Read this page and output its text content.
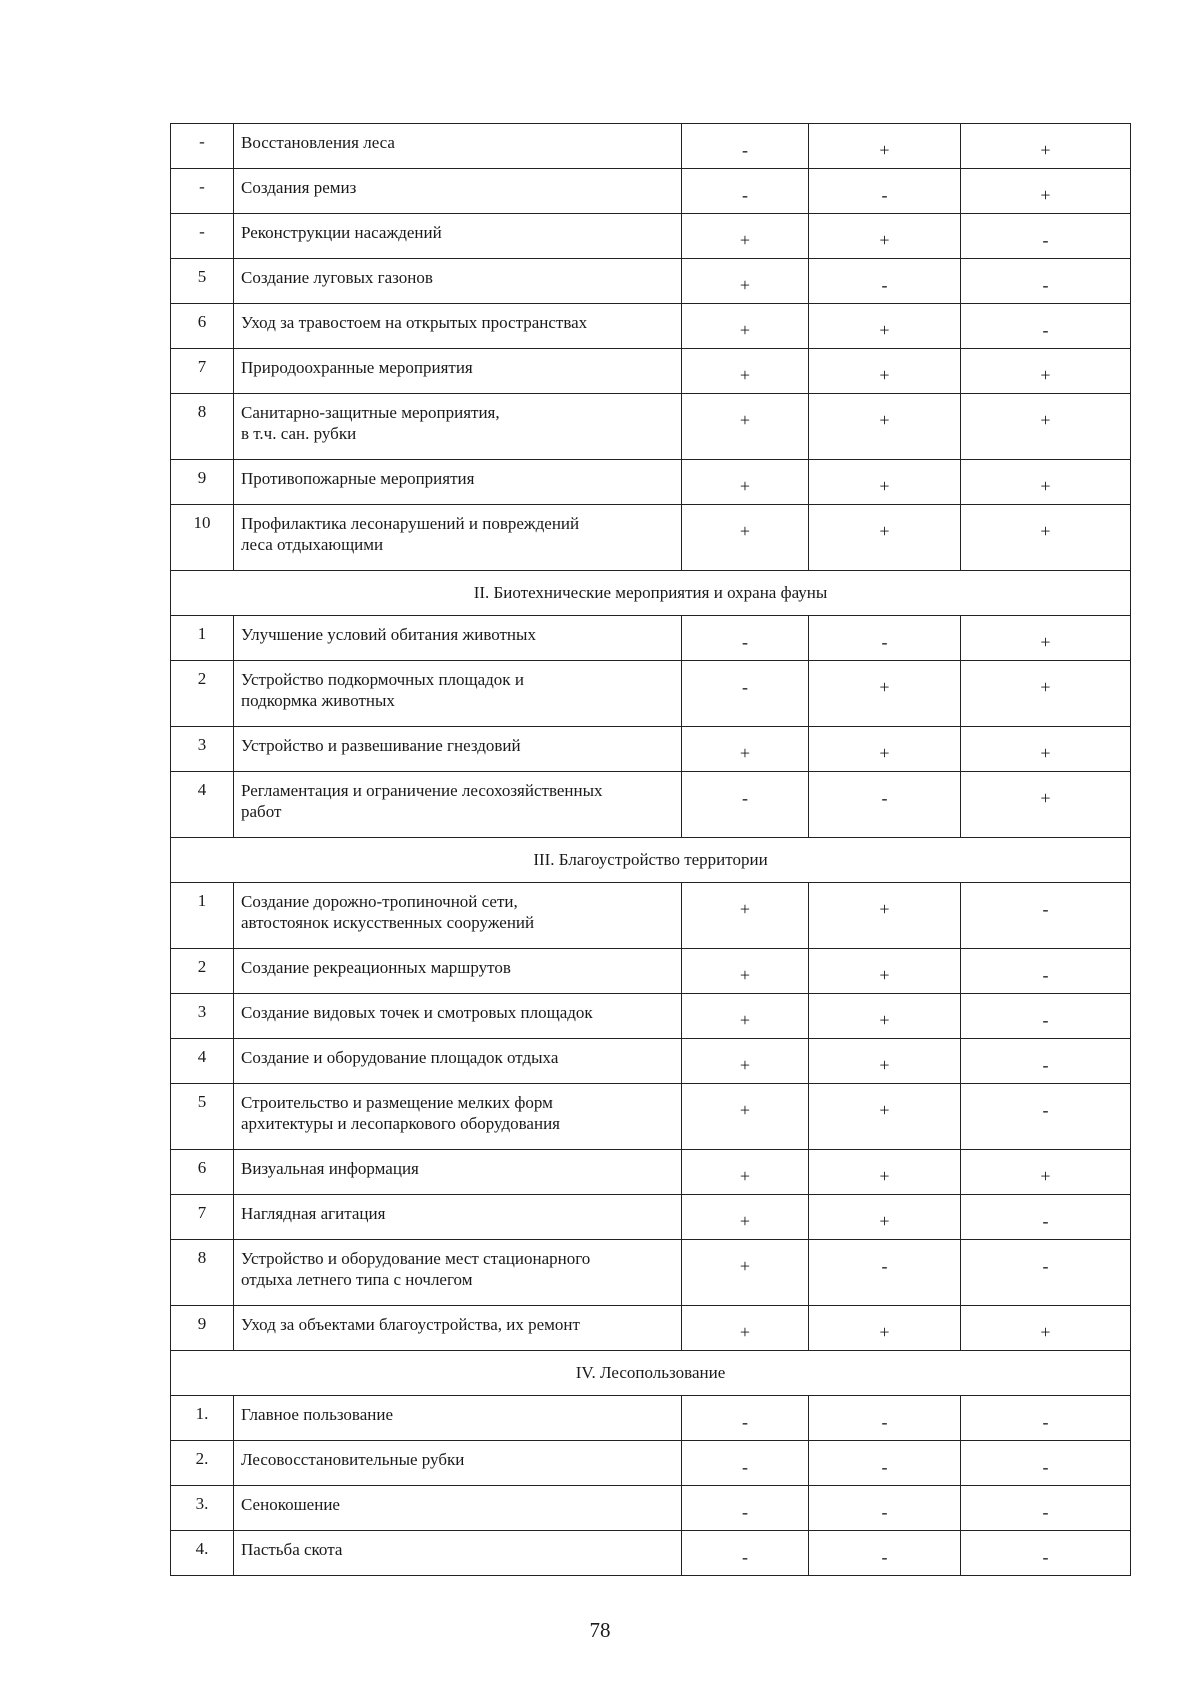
-	Восстановления леса	-	+	+
-	Создания ремиз	-	-	+
-	Реконструкции насаждений	+	+	-
5	Создание луговых газонов	+	-	-
6	Уход за травостоем на открытых пространствах	+	+	-
7	Природоохранные мероприятия	+	+	+
8	Санитарно-защитные мероприятия,
в т.ч. сан. рубки	+	+	+
9	Противопожарные мероприятия	+	+	+
10	Профилактика лесонарушений и повреждений
леса отдыхающими	+	+	+
II. Биотехнические мероприятия и охрана фауны				
1	Улучшение условий обитания животных	-	-	+
2	Устройство подкормочных площадок и
подкормка животных	-	+	+
3	Устройство и развешивание гнездовий	+	+	+
4	Регламентация и ограничение лесохозяйственных
работ	-	-	+
III. Благоустройство территории				
1	Создание дорожно-тропиночной сети,
автостоянок искусственных сооружений	+	+	-
2	Создание рекреационных маршрутов	+	+	-
3	Создание видовых точек и смотровых площадок	+	+	-
4	Создание и оборудование площадок отдыха	+	+	-
5	Строительство и размещение мелких форм
архитектуры и лесопаркового оборудования	+	+	-
6	Визуальная информация	+	+	+
7	Наглядная агитация	+	+	-
8	Устройство и оборудование мест стационарного
отдыха летнего типа с ночлегом	+	-	-
9	Уход за объектами благоустройства, их ремонт	+	+	+
IV. Лесопользование				
1.	Главное пользование	-	-	-
2.	Лесовосстановительные рубки	-	-	-
3.	Сенокошение	-	-	-
4.	Пастьба скота	-	-	-
78
